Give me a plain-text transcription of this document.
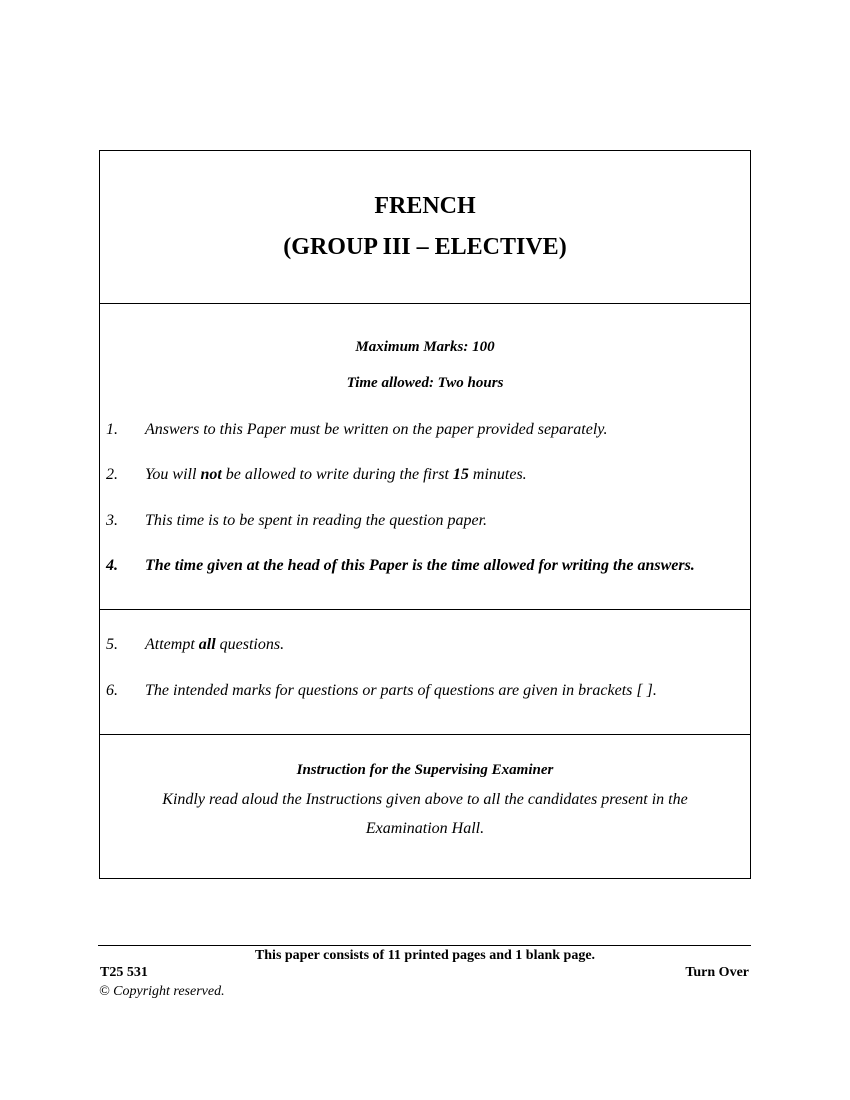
FRENCH
(GROUP III – ELECTIVE)
Maximum Marks: 100
Time allowed: Two hours
1. Answers to this Paper must be written on the paper provided separately.
2. You will not be allowed to write during the first 15 minutes.
3. This time is to be spent in reading the question paper.
4. The time given at the head of this Paper is the time allowed for writing the answers.
5. Attempt all questions.
6. The intended marks for questions or parts of questions are given in brackets [ ].
Instruction for the Supervising Examiner
Kindly read aloud the Instructions given above to all the candidates present in the
Examination Hall.
This paper consists of 11 printed pages and 1 blank page.
T25 531	Turn Over
© Copyright reserved.
